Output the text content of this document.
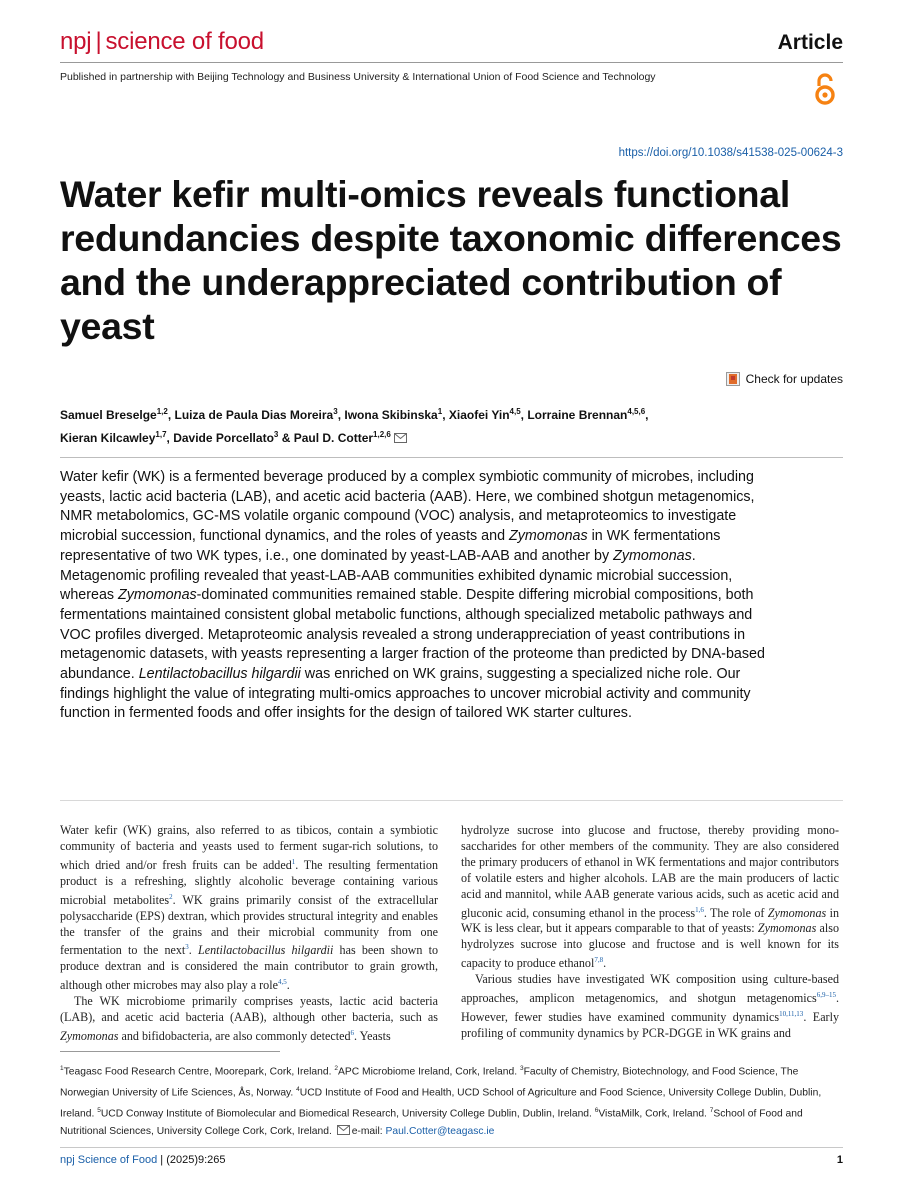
npj | science of food	Article
Published in partnership with Beijing Technology and Business University & International Union of Food Science and Technology
https://doi.org/10.1038/s41538-025-00624-3
Water kefir multi-omics reveals functional redundancies despite taxonomic differences and the underappreciated contribution of yeast
Check for updates
Samuel Breselge$^{1,2}$, Luiza de Paula Dias Moreira$^3$, Iwona Skibinska$^1$, Xiaofei Yin$^{4,5}$, Lorraine Brennan$^{4,5,6}$,
Kieran Kilcawley$^{1,7}$, Davide Porcellato$^3$ & Paul D. Cotter$^{1,2,6}$

Water kefir (WK) is a fermented beverage produced by a complex symbiotic community of microbes, including yeasts, lactic acid bacteria (LAB), and acetic acid bacteria (AAB). Here, we combined shotgun metagenomics, NMR metabolomics, GC-MS volatile organic compound (VOC) analysis, and metaproteomics to investigate microbial succession, functional dynamics, and the roles of yeasts and Zymomonas in WK fermentations representative of two WK types, i.e., one dominated by yeast-LAB-AAB and another by Zymomonas. Metagenomic profiling revealed that yeast-LAB-AAB communities exhibited dynamic microbial succession, whereas Zymomonas-dominated communities remained stable. Despite differing microbial compositions, both fermentations maintained consistent global metabolic functions, although specialized metabolic pathways and VOC profiles diverged. Metaproteomic analysis revealed a strong underappreciation of yeast contributions in metagenomic datasets, with yeasts representing a larger fraction of the proteome than predicted by DNA-based abundance. Lentilactobacillus hilgardii was enriched on WK grains, suggesting a specialized niche role. Our findings highlight the value of integrating multi-omics approaches to uncover microbial activity and community function in fermented foods and offer insights for the design of tailored WK starter cultures.

Water kefir (WK) grains, also referred to as tibicos, contain a symbiotic community of bacteria and yeasts used to ferment sugar-rich solutions, to which dried and/or fresh fruits can be added$^1$. The resulting fermentation product is a refreshing, slightly alcoholic beverage containing various microbial metabolites$^2$. WK grains primarily consist of the extracellular polysaccharide (EPS) dextran, which provides structural integrity and enables the transfer of the grains and their microbial community from one fermentation to the next$^3$. Lentilactobacillus hilgardii has been shown to produce dextran and is considered the main contributor to grain growth, although other microbes may also play a role$^{4,5}$.

The WK microbiome primarily comprises yeasts, lactic acid bacteria (LAB), and acetic acid bacteria (AAB), although other bacteria, such as Zymomonas and bifidobacteria, are also commonly detected$^6$. Yeasts

hydrolyze sucrose into glucose and fructose, thereby providing mono-saccharides for other members of the community. They are also considered the primary producers of ethanol in WK fermentations and major contributors of volatile esters and higher alcohols. LAB are the main producers of lactic acid and mannitol, while AAB generate various acids, such as acetic acid and gluconic acid, consuming ethanol in the process$^{1,6}$. The role of Zymomonas in WK is less clear, but it appears comparable to that of yeasts: Zymomonas also hydrolyzes sucrose into glucose and fructose and is well known for its capacity to produce ethanol$^{7,8}$.

Various studies have investigated WK composition using culture-based approaches, amplicon metagenomics, and shotgun metagenomics$^{6,9-15}$. However, fewer studies have examined community dynamics$^{10,11,13}$. Early profiling of community dynamics by PCR-DGGE in WK grains and

$^1$Teagasc Food Research Centre, Moorepark, Cork, Ireland. $^2$APC Microbiome Ireland, Cork, Ireland. $^3$Faculty of Chemistry, Biotechnology, and Food Science, The Norwegian University of Life Sciences, Ås, Norway. $^4$UCD Institute of Food and Health, UCD School of Agriculture and Food Science, University College Dublin, Dublin, Ireland. $^5$UCD Conway Institute of Biomolecular and Biomedical Research, University College Dublin, Dublin, Ireland. $^6$VistaMilk, Cork, Ireland. $^7$School of Food and Nutritional Sciences, University College Cork, Cork, Ireland. e-mail: Paul.Cotter@teagasc.ie
npj Science of Food | (2025)9:265	1
